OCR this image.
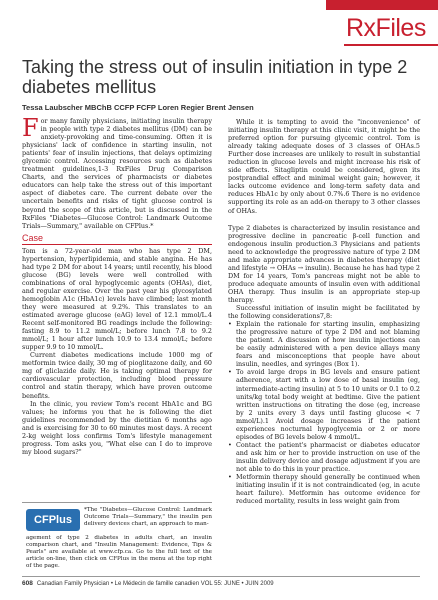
RxFiles
Taking the stress out of insulin initiation in type 2 diabetes mellitus
Tessa Laubscher MBChB CCFP FCFP Loren Regier Brent Jensen

For many family physicians, initiating insulin therapy in people with type 2 diabetes mellitus (DM) can be anxiety-provoking and time-consuming. Often it is physicians' lack of confidence in starting insulin, not patients' fear of insulin injections, that delays optimizing glycemic control. Accessing resources such as diabetes treatment guidelines,1-3 RxFiles Drug Comparison Charts, and the services of pharmacists or diabetes educators can help take the stress out of this important aspect of diabetes care. The current debate over the uncertain benefits and risks of tight glucose control is beyond the scope of this article, but is discussed in the RxFiles "Diabetes—Glucose Control: Landmark Outcome Trials—Summary," available on CFPlus.*

Case

Tom is a 72-year-old man who has type 2 DM, hypertension, hyperlipidemia, and stable angina. He has had type 2 DM for about 14 years; until recently, his blood glucose (BG) levels were well controlled with combinations of oral hypoglycemic agents (OHAs), diet, and regular exercise. Over the past year his glycosylated hemoglobin A1c (HbA1c) levels have climbed; last month they were measured at 9.2%. This translates to an estimated average glucose (eAG) level of 12.1 mmol/L.4 Recent self-monitored BG readings include the following: fasting 8.9 to 11.2 mmol/L; before lunch 7.8 to 9.2 mmol/L; 1 hour after lunch 10.9 to 13.4 mmol/L; before supper 9.9 to 10 mmol/L.

Current diabetes medications include 1000 mg of metformin twice daily, 30 mg of pioglitazone daily, and 60 mg of gliclazide daily. He is taking optimal therapy for cardiovascular protection, including blood pressure control and statin therapy, which have proven outcome benefits.

In the clinic, you review Tom's recent HbA1c and BG values; he informs you that he is following the diet guidelines recommended by the dietitian 6 months ago and is exercising for 30 to 60 minutes most days. A recent 2-kg weight loss confirms Tom's lifestyle management progress. Tom asks you, "What else can I do to improve my blood sugars?"

While it is tempting to avoid the "inconvenience" of initiating insulin therapy at this clinic visit, it might be the preferred option for pursuing glycemic control. Tom is already taking adequate doses of 3 classes of OHAs.5 Further dose increases are unlikely to result in substantial reduction in glucose levels and might increase his risk of side effects. Sitagliptin could be considered, given its postprandial effect and minimal weight gain; however, it lacks outcome evidence and long-term safety data and reduces HbA1c by only about 0.7%.6 There is no evidence supporting its role as an add-on therapy to 3 other classes of OHAs.

Type 2 diabetes is characterized by insulin resistance and progressive decline in pancreatic β-cell function and endogenous insulin production.3 Physicians and patients need to acknowledge the progressive nature of type 2 DM and make appropriate advances in diabetes therapy (diet and lifestyle → OHAs → insulin). Because he has had type 2 DM for 14 years, Tom's pancreas might not be able to produce adequate amounts of insulin even with additional OHA therapy. Thus insulin is an appropriate step-up therapy.

Successful initiation of insulin might be facilitated by the following considerations7,8:

• Explain the rationale for starting insulin, emphasizing the progressive nature of type 2 DM and not blaming the patient. A discussion of how insulin injections can be easily administered with a pen device allays many fears and misconceptions that people have about insulin, needles, and syringes (Box 1).
• To avoid large drops in BG levels and ensure patient adherence, start with a low dose of basal insulin (eg, intermediate-acting insulin) at 5 to 10 units or 0.1 to 0.2 units/kg total body weight at bedtime. Give the patient written instructions on titrating the dose (eg, increase by 2 units every 3 days until fasting glucose < 7 mmol/L).1 Avoid dosage increases if the patient experiences nocturnal hypoglycemia or 2 or more episodes of BG levels below 4 mmol/L.
• Contact the patient's pharmacist or diabetes educator and ask him or her to provide instruction on use of the insulin delivery device and dosage adjustment if you are not able to do this in your practice.
• Metformin therapy should generally be continued when initiating insulin if it is not contraindicated (eg, in acute heart failure). Metformin has outcome evidence for reduced mortality, results in less weight gain from
CFPlus
*The "Diabetes—Glucose Control: Landmark Outcome Trials—Summary," the insulin pen delivery devices chart, an approach to man-
agement of type 2 diabetes in adults chart, an insulin comparison chart, and "Insulin Management: Evidence, Tips & Pearls" are available at www.cfp.ca. Go to the full text of the article on-line, then click on CFPlus in the menu at the top right of the page.
608 Canadian Family Physician • Le Médecin de famille canadien VOL 55: JUNE • JUIN 2009
